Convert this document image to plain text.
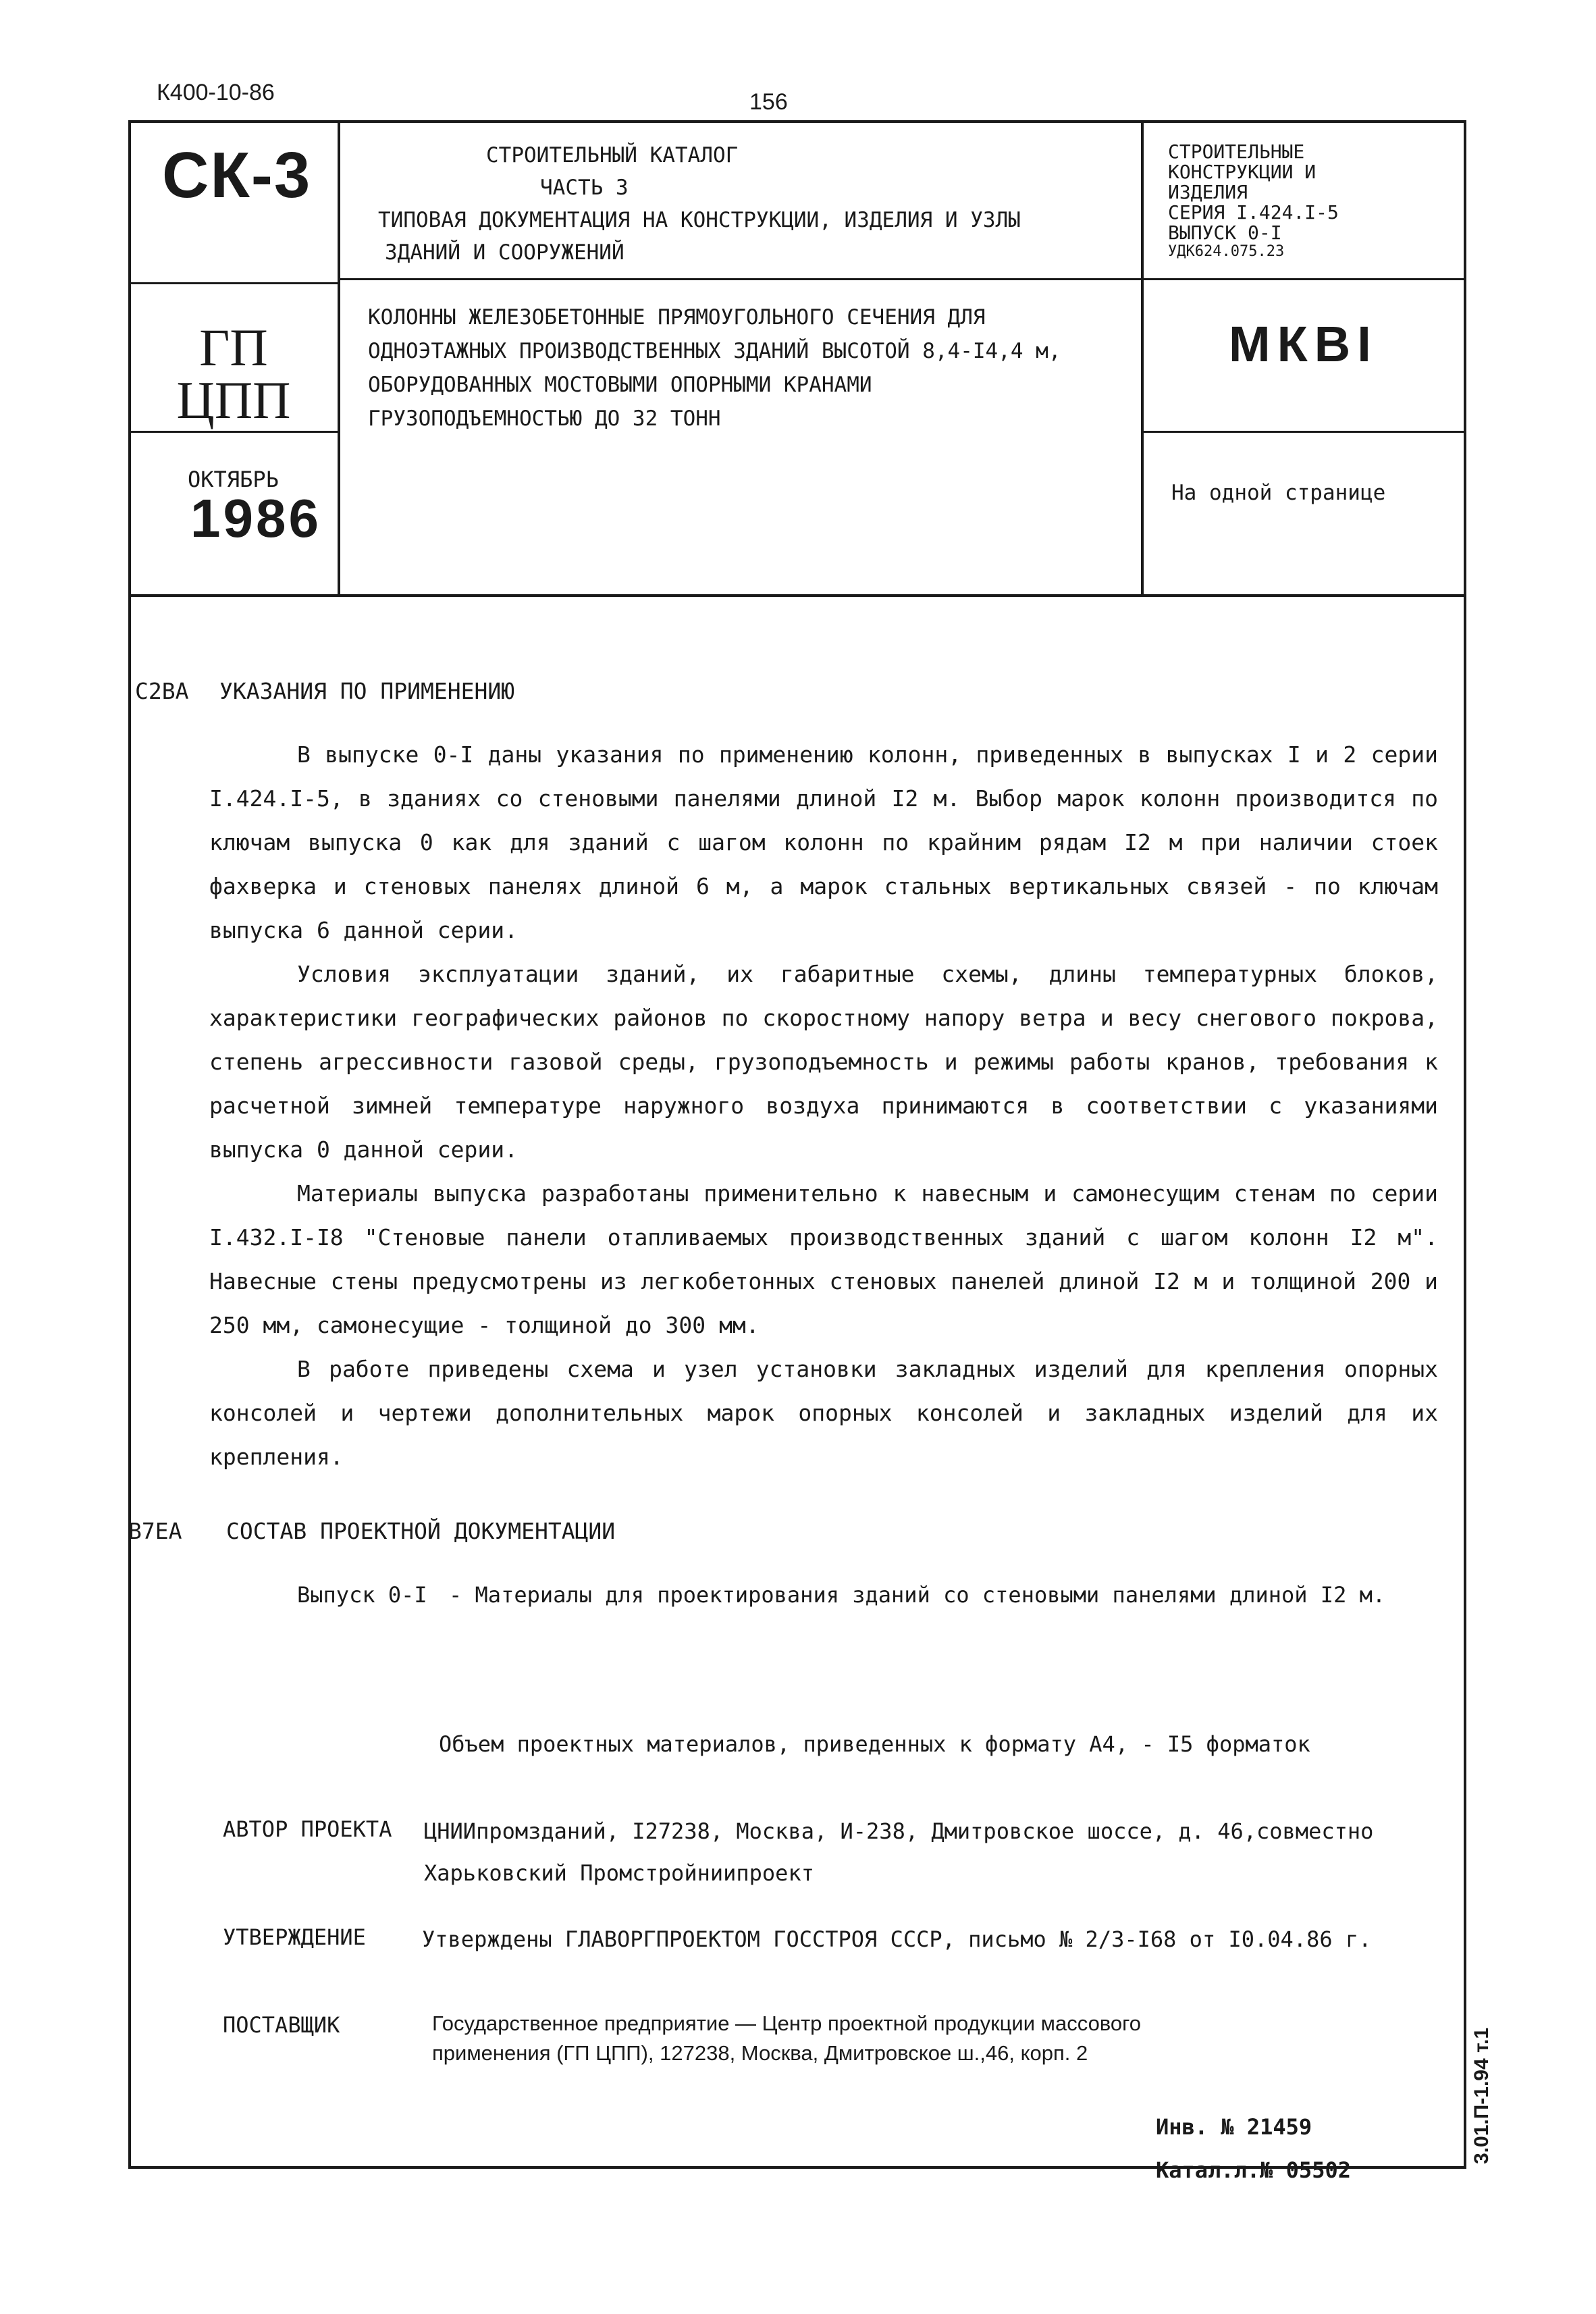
К400-10-86	156
СК-3	СТРОИТЕЛЬНЫЙ КАТАЛОГ
ЧАСТЬ 3
ТИПОВАЯ ДОКУМЕНТАЦИЯ НА КОНСТРУКЦИИ, ИЗДЕЛИЯ И УЗЛЫ
ЗДАНИЙ И СООРУЖЕНИЙ
СТРОИТЕЛЬНЫЕ
КОНСТРУКЦИИ И
ИЗДЕЛИЯ
СЕРИЯ I.424.I-5
ВЫПУСК 0-I
УДК624.075.23
ГП
ЦПП
КОЛОННЫ ЖЕЛЕЗОБЕТОННЫЕ ПРЯМОУГОЛЬНОГО СЕЧЕНИЯ ДЛЯ
ОДНОЭТАЖНЫХ ПРОИЗВОДСТВЕННЫХ ЗДАНИЙ ВЫСОТОЙ 8,4-I4,4 м,
ОБОРУДОВАННЫХ МОСТОВЫМИ ОПОРНЫМИ КРАНАМИ
ГРУЗОПОДЪЕМНОСТЬЮ ДО 32 ТОНН
МКВI
ОКТЯБРЬ
1986	На одной странице
С2ВА УКАЗАНИЯ ПО ПРИМЕНЕНИЮ

В выпуске 0-I даны указания по применению колонн, приведенных в выпусках I и 2 серии I.424.I-5, в зданиях со стеновыми панелями длиной I2 м. Выбор марок колонн производится по ключам выпуска 0 как для зданий с шагом колонн по крайним рядам I2 м при наличии стоек фахверка и стеновых панелях длиной 6 м, а марок стальных вертикальных связей - по ключам выпуска 6 данной серии.

Условия эксплуатации зданий, их габаритные схемы, длины температурных блоков, характеристики географических районов по скоростному напору ветра и весу снегового покрова, степень агрессивности газовой среды, грузоподъемность и режимы работы кранов, требования к расчетной зимней температуре наружного воздуха принимаются в соответствии с указаниями выпуска 0 данной серии.

Материалы выпуска разработаны применительно к навесным и самонесущим стенам по серии I.432.I-I8 "Стеновые панели отапливаемых производственных зданий с шагом колонн I2 м". Навесные стены предусмотрены из легкобетонных стеновых панелей длиной I2 м и толщиной 200 и 250 мм, самонесущие - толщиной до 300 мм.

В работе приведены схема и узел установки закладных изделий для крепления опорных консолей и чертежи дополнительных марок опорных консолей и закладных изделий для их крепления.

В7ЕА СОСТАВ ПРОЕКТНОЙ ДОКУМЕНТАЦИИ
Выпуск 0-I - Материалы для проектирования зданий со стеновыми панелями длиной I2 м.
Объем проектных материалов, приведенных к формату А4, - I5 форматок
АВТОР ПРОЕКТА ЦНИИпромзданий, I27238, Москва, И-238, Дмитровское шоссе, д. 46,совместно
Харьковский Промстройниипроект
УТВЕРЖДЕНИЕ	Утверждены ГЛАВОРГПРОЕКТОМ ГОССТРОЯ СССР, письмо № 2/3-I68 от I0.04.86 г.
ПОСТАВЩИК	Государственное предприятие — Центр проектной продукции массового
применения (ГП ЦПП), 127238, Москва, Дмитровское ш.,46, корп. 2
Инв. № 21459
Катал.л.№ 05502
3.01.П-1.94 т.1
